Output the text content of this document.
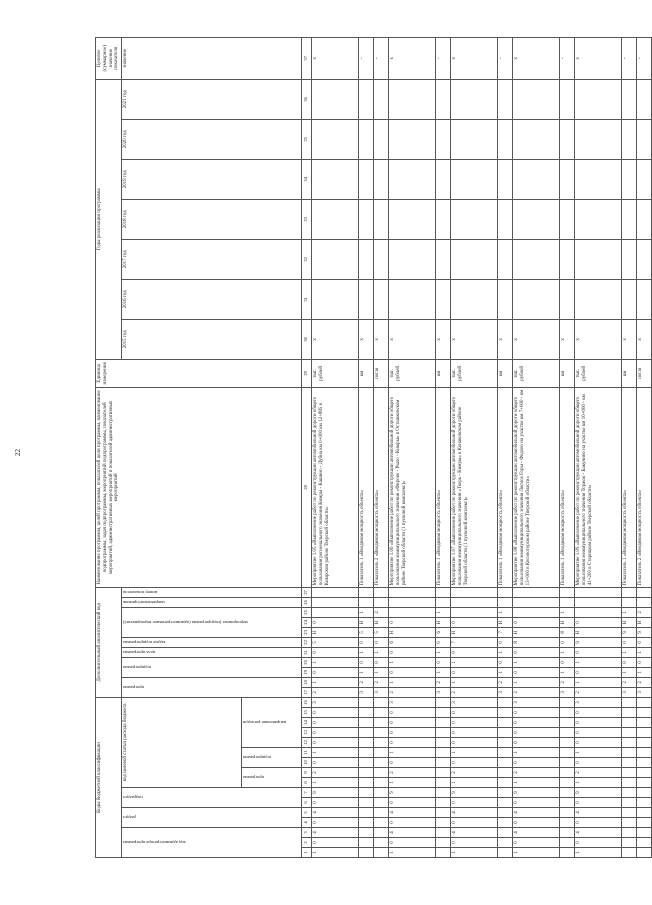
22
Коды бюджетной классификации																Дополнительный аналитический код											Наименование программы, целей программы, показателей цели программы, наименование подпрограммы, задач подпрограммы, мероприятий подпрограммы, показателей мероприятий, административных мероприятий и показателей административных мероприятий	Единица измерения	Годы реализации программы							Целевое (суммарное) значение показателя

код администратора программы			раздел		подраздел		код целевой статьи расхода бюджета									программа		подпрограмма		цель программы	задача подпрограммы	мероприятие (подпрограмма (административное мероприятие))			направление/признак	номер показателя			2015 год	2016 год	2017 год	2018 год	2019 год	2020 год	2021 год	значение

							программа		подпрограмма		направление расходов																									

1	2	3	4	5	6	7	8	9	10	11	12	13	14	15	16	17	18	19	20	21	22	23	24	25	26	27	28	29	30	31	32	33	34	35	36	37
1	0	4	0	4	0	9	1	2	0	1	0	0	0	0	3	2	1	0	1	0	5	Н	0				Мероприятие 1.05 «Выполнение работ по реконструкции автомобильной дороги общего пользования регионального значения Кимры - Кашино - Дубна км 0+000 км 12+885 в Кимрском районе Тверской области»	тыс. рублей	х							х
																3	2	1	0	1	0	5	Н	1			Показатель 1 «Вводимая мощность объекта»	км	х							-
																3	2	1	0	1	0	5	Н	2			Показатель 2 «Вводимая мощность объекта»	пог.м	х							-
1	0	4	0	4	0	9	1	2	0	1	0	0	0	0	3	2	1	0	1	0	6	Н	0				Мероприятие 1.06 «Выполнение работ по реконструкции автомобильной дороги общего пользования межмуниципального значения «Фирово - Рыло - Кимры» в Осташковском районе Тверской области (1 пусковой комплекс)»	тыс. рублей	х							х
																3	2	1	0	1	0	6	Н	1			Показатель 1 «Вводимая мощность объекта»	км	х							-
1	0	4	0	4	0	9	1	2	0	1	0	0	0	0	3	2	1	0	1	0	7	Н	0				Мероприятие 1.07 «Выполнение работ по реконструкции автомобильной дороги общего пользования межмуниципального значения «Тверь - Кимры» в Конаковском районе Тверской области (1 пусковой комплекс)»	тыс. рублей	х							х
																3	2	1	0	1	0	7	Н	1			Показатель 1 «Вводимая мощность объекта»	км	х							-
1	0	4	0	4	0	9	1	2	0	1	0	0	0	0	3	2	1	0	1	0	8	Н	0				Мероприятие 1.08 «Выполнение работ по реконструкции автомобильной дороги общего пользования межмуниципального значения Лесное Горы - Федово на участке км 7+000 - км 13+000 в Кесовогорском районе Тверской области»	тыс. рублей	х							х
																3	2	1	0	1	0	8	Н	1			Показатель 1 «Вводимая мощность объекта»	км	х							-
1	0	4	0	4	0	9	1	2	0	1	0	0	0	0	3	2	1	0	1	0	9	Н	0				Мероприятие 1.09 «Выполнение работ по реконструкции автомобильной дороги общего пользования межмуниципального значения Торжок - Бакунино на участке км 10+000 - км 41+200 в Старицком районе Тверской области»	тыс. рублей	х							х
																3	2	1	0	1	0	9	Н	1			Показатель 1 «Вводимая мощность объекта»	км	х							-
																3	2	1	0	1	0	9	Н	2			Показатель 2 «Вводимая мощность объекта»	пог.м	х							-
